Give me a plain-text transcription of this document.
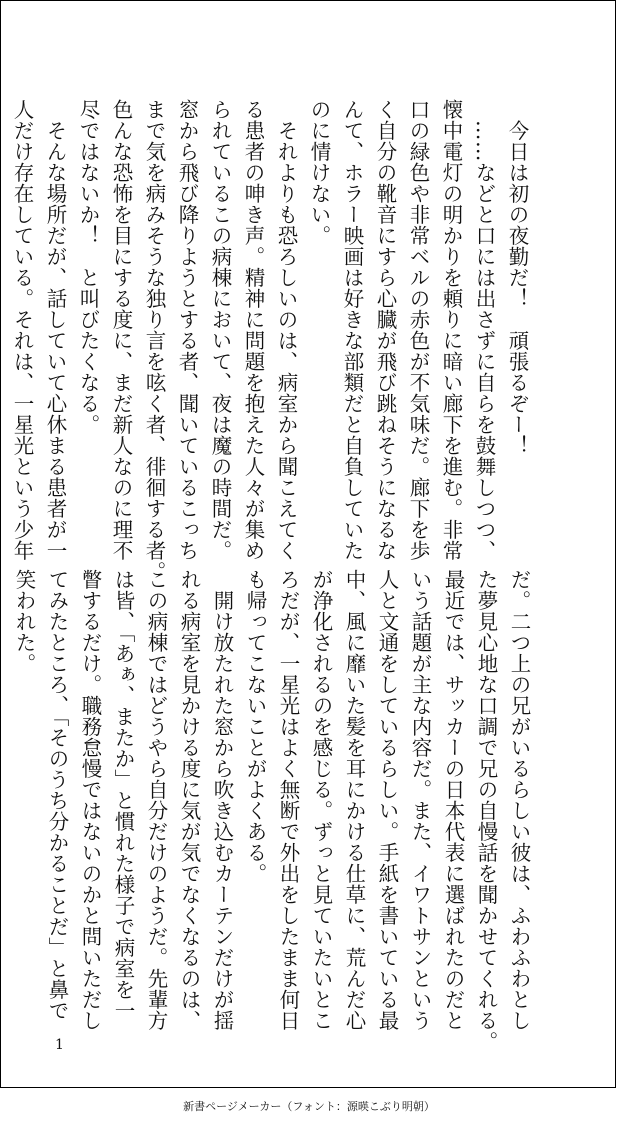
　今日は初の夜勤だ！　頑張るぞー！
　……などと口には出さずに自らを鼓舞しつつ、
懐中電灯の明かりを頼りに暗い廊下を進む。非常
口の緑色や非常ベルの赤色が不気味だ。廊下を歩
く自分の靴音にすら心臓が飛び跳ねそうになるな
んて、ホラー映画は好きな部類だと自負していた
のに情けない。
　それよりも恐ろしいのは、病室から聞こえてく
る患者の呻き声。精神に問題を抱えた人々が集め
られているこの病棟において、夜は魔の時間だ。
窓から飛び降りようとする者、聞いているこっち
まで気を病みそうな独り言を呟く者、徘徊する者。
色んな恐怖を目にする度に、まだ新人なのに理不
尽ではないか！　と叫びたくなる。
　そんな場所だが、話していて心休まる患者が一
人だけ存在している。それは、一星光という少年
だ。二つ上の兄がいるらしい彼は、ふわふわとし
た夢見心地な口調で兄の自慢話を聞かせてくれる。
最近では、サッカーの日本代表に選ばれたのだと
いう話題が主な内容だ。また、イワトサンという
人と文通をしているらしい。手紙を書いている最
中、風に靡いた髪を耳にかける仕草に、荒んだ心
が浄化されるのを感じる。ずっと見ていたいとこ
ろだが、一星光はよく無断で外出をしたまま何日
も帰ってこないことがよくある。
　開け放たれた窓から吹き込むカーテンだけが揺
れる病室を見かける度に気が気でなくなるのは、
この病棟ではどうやら自分だけのようだ。先輩方
は皆、「あぁ、またか」と慣れた様子で病室を一
瞥するだけ。職務怠慢ではないのかと問いただし
てみたところ、「そのうち分かることだ」と鼻で
笑われた。
1
新書ページメーカー（フォント：源暎こぶり明朝）
